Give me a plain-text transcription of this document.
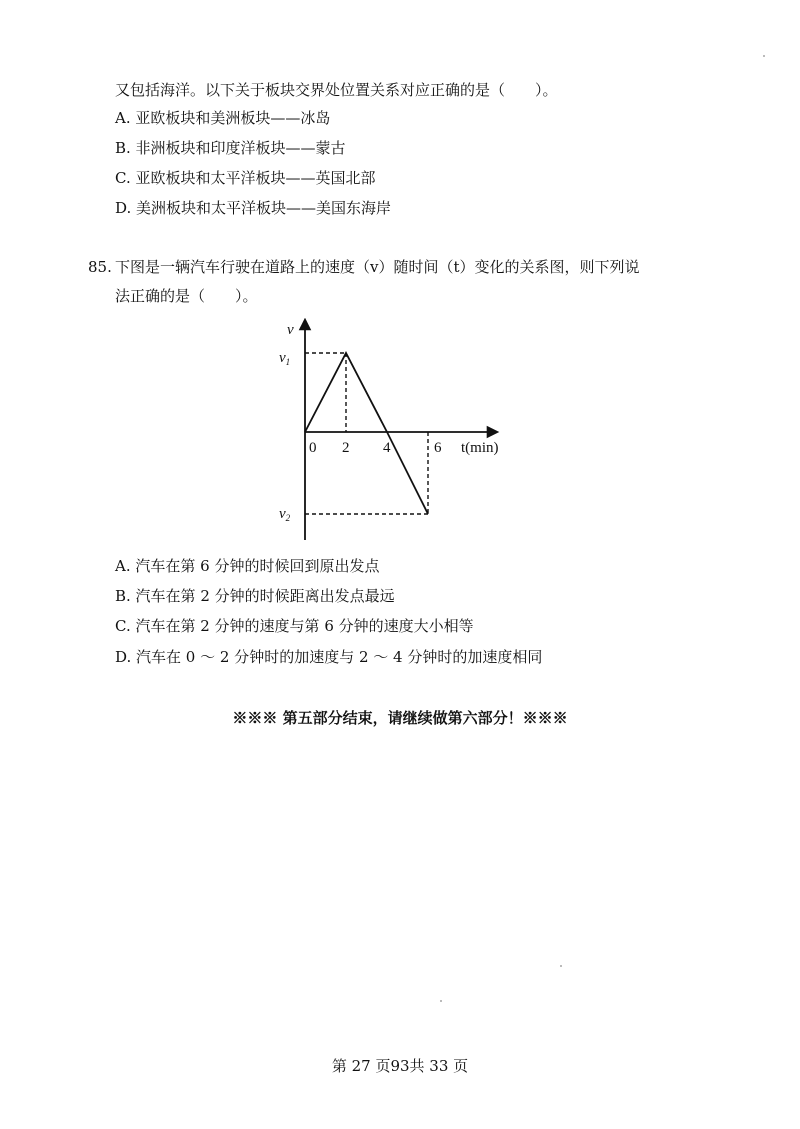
又包括海洋。以下关于板块交界处位置关系对应正确的是（　　）。
A. 亚欧板块和美洲板块——冰岛
B. 非洲板块和印度洋板块——蒙古
C. 亚欧板块和太平洋板块——英国北部
D. 美洲板块和太平洋板块——美国东海岸
85. 下图是一辆汽车行驶在道路上的速度（v）随时间（t）变化的关系图，则下列说
法正确的是（　　）。
0 2 4	6
v
t(min)
$v_1$
$v_2$
A. 汽车在第 6 分钟的时候回到原出发点
B. 汽车在第 2 分钟的时候距离出发点最远
C. 汽车在第 2 分钟的速度与第 6 分钟的速度大小相等
D. 汽车在 0 ～ 2 分钟时的加速度与 2 ～ 4 分钟时的加速度相同
※※※ 第五部分结束，请继续做第六部分！※※※
第 27 页93共 33 页
